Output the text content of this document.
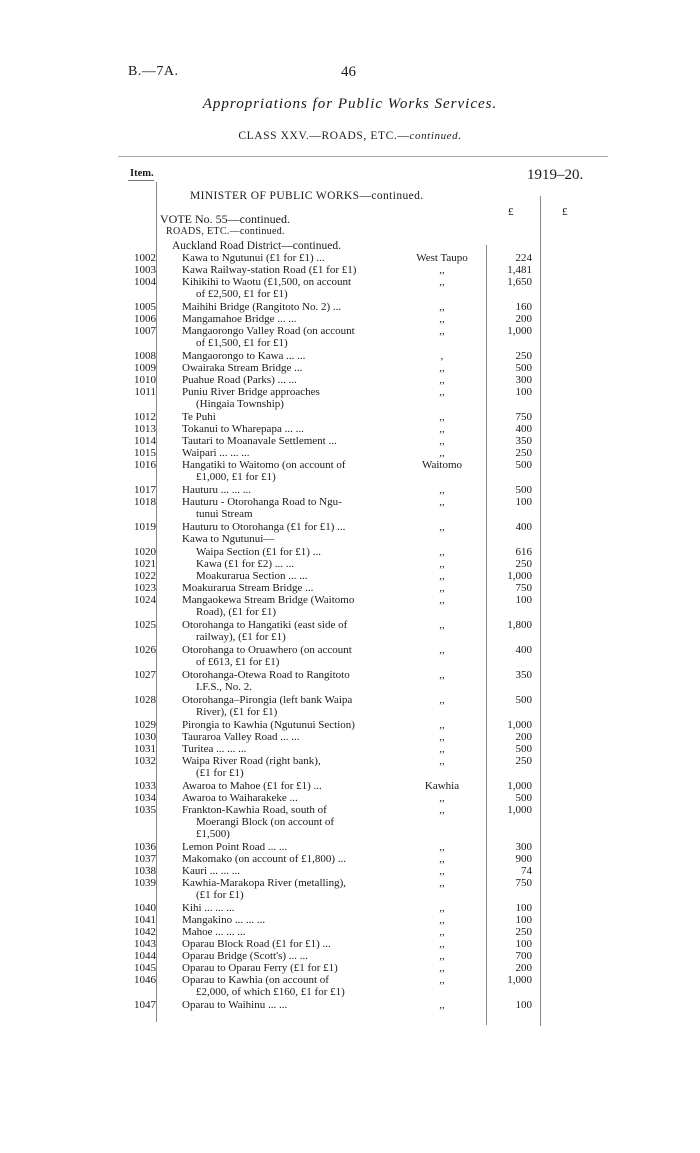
B.—7A.	46
Appropriations for Public Works Services.
CLASS XXV.—ROADS, ETC.—continued.
Item.	1919–20.
MINISTER OF PUBLIC WORKS—continued.
£	£
VOTE No. 55—continued.
ROADS, ETC.—continued.
Auckland Road District—continued.
1002 Kawa to Ngutunui (£1 for £1) ...	West Taupo	224
1003 Kawa Railway-station Road (£1 for £1)	,,	1,481
1004 Kihikihi to Waotu (£1,500, on account
of £2,500, £1 for £1)
,,	1,650
1005 Maihihi Bridge (Rangitoto No. 2) ...	,,	160
1006 Mangamahoe Bridge ... ...	,,	200
1007 Mangaorongo Valley Road (on account
of £1,500, £1 for £1)
,,	1,000
1008 Mangaorongo to Kawa ... ...	,	250
1009 Owairaka Stream Bridge ...	,,	500
1010 Puahue Road (Parks) ... ...	,,	300
1011 Puniu River Bridge approaches
(Hingaia Township)
,,	100
1012 Te Puhi	,,	750
1013 Tokanui to Wharepapa ... ...	,,	400
1014 Tautari to Moanavale Settlement ...	,,	350
1015 Waipari ... ... ...	,,	250
1016 Hangatiki to Waitomo (on account of
£1,000, £1 for £1)
Waitomo	500
1017 Hauturu ... ... ...	,,	500
1018 Hauturu - Otorohanga Road to Ngu-
tunui Stream
,,	100
1019 Hauturu to Otorohanga (£1 for £1) ...
Kawa to Ngutunui—
,,	400
1020	Waipa Section (£1 for £1) ...	,,	616
1021	Kawa (£1 for £2) ... ...	,,	250
1022	Moakurarua Section ... ...	,,	1,000
1023 Moakurarua Stream Bridge ...	,,	750
1024 Mangaokewa Stream Bridge (Waitomo
Road), (£1 for £1)
,,	100
1025 Otorohanga to Hangatiki (east side of
railway), (£1 for £1)
,,	1,800
1026 Otorohanga to Oruawhero (on account
of £613, £1 for £1)
,,	400
1027 Otorohanga-Otewa Road to Rangitoto
I.F.S., No. 2.
,,	350
1028 Otorohanga–Pirongia (left bank Waipa
River), (£1 for £1)
,,	500
1029 Pirongia to Kawhia (Ngutunui Section)	,,	1,000
1030 Tauraroa Valley Road ... ...	,,	200
1031 Turitea ... ... ...	,,	500
1032 Waipa River Road (right bank),
(£1 for £1)
,,	250
1033 Awaroa to Mahoe (£1 for £1) ...	Kawhia	1,000
1034 Awaroa to Waiharakeke ...	,,	500
1035 Frankton-Kawhia Road, south of
Moerangi Block (on account of
£1,500)
,,	1,000
1036 Lemon Point Road ... ...	,,	300
1037 Makomako (on account of £1,800) ...	,,	900
1038 Kauri ... ... ...	,,	74
1039 Kawhia-Marakopa River (metalling),
(£1 for £1)
,,	750
1040 Kihi ... ... ...	,,	100
1041 Mangakino ... ... ...	,,	100
1042 Mahoe ... ... ...	,,	250
1043 Oparau Block Road (£1 for £1) ...	,,	100
1044 Oparau Bridge (Scott's) ... ...	,,	700
1045 Oparau to Oparau Ferry (£1 for £1)	,,	200
1046 Oparau to Kawhia (on account of
£2,000, of which £160, £1 for £1)
,,	1,000
1047 Oparau to Waihinu ... ...	,,	100
